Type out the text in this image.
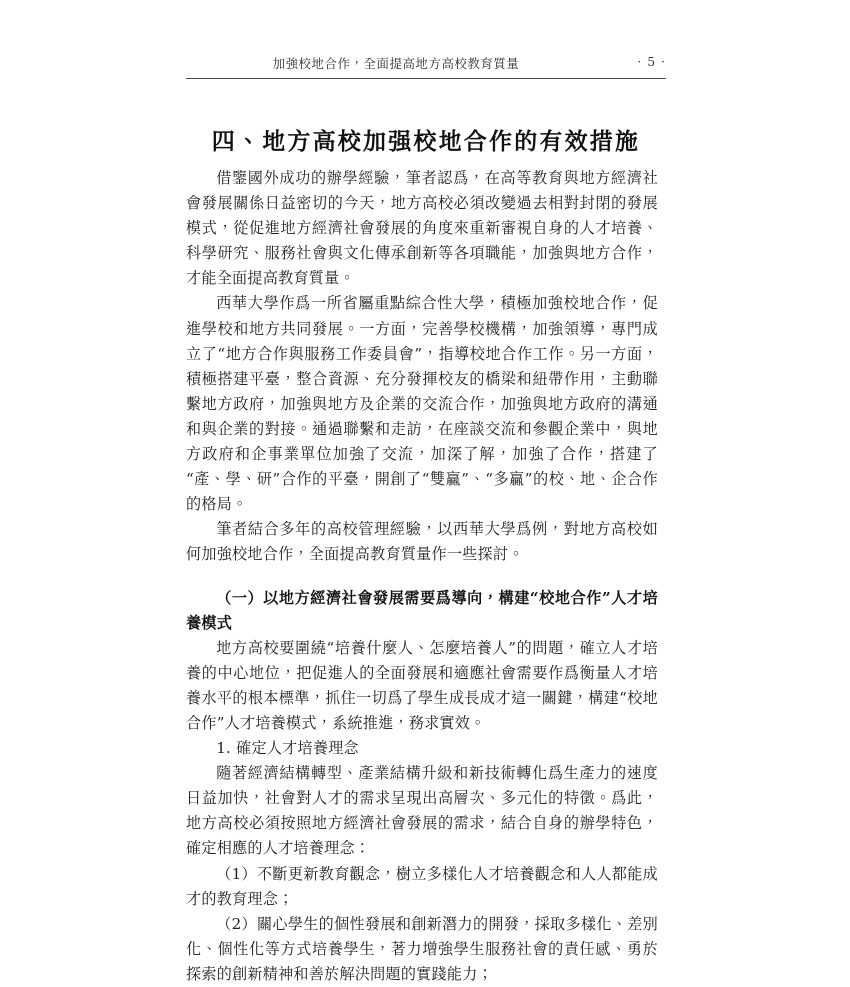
加強校地合作，全面提高地方高校教育質量	· 5 ·
四、地方高校加强校地合作的有效措施

借鑒國外成功的辦學經驗，筆者認爲，在高等教育與地方經濟社會發展關係日益密切的今天，地方高校必須改變過去相對封閉的發展模式，從促進地方經濟社會發展的角度來重新審視自身的人才培養、科學研究、服務社會與文化傳承創新等各項職能，加強與地方合作，才能全面提高教育質量。

西華大學作爲一所省屬重點綜合性大學，積極加強校地合作，促進學校和地方共同發展。一方面，完善學校機構，加強領導，專門成立了“地方合作與服務工作委員會”，指導校地合作工作。另一方面，積極搭建平臺，整合資源、充分發揮校友的橋梁和紐帶作用，主動聯繫地方政府，加強與地方及企業的交流合作，加強與地方政府的溝通和與企業的對接。通過聯繫和走訪，在座談交流和參觀企業中，與地方政府和企事業單位加強了交流，加深了解，加強了合作，搭建了“產、學、研”合作的平臺，開創了“雙贏”、“多贏”的校、地、企合作的格局。

筆者結合多年的高校管理經驗，以西華大學爲例，對地方高校如何加強校地合作，全面提高教育質量作一些探討。

（一）以地方經濟社會發展需要爲導向，構建“校地合作”人才培養模式

地方高校要圍繞“培養什麼人、怎麼培養人”的問題，確立人才培養的中心地位，把促進人的全面發展和適應社會需要作爲衡量人才培養水平的根本標準，抓住一切爲了學生成長成才這一關鍵，構建“校地合作”人才培養模式，系統推進，務求實效。

1. 確定人才培養理念

隨著經濟結構轉型、產業結構升級和新技術轉化爲生產力的速度日益加快，社會對人才的需求呈現出高層次、多元化的特徵。爲此，地方高校必須按照地方經濟社會發展的需求，結合自身的辦學特色，確定相應的人才培養理念：

（1）不斷更新教育觀念，樹立多樣化人才培養觀念和人人都能成才的教育理念；

（2）關心學生的個性發展和創新潛力的開發，採取多樣化、差別化、個性化等方式培養學生，著力增強學生服務社會的責任感、勇於探索的創新精神和善於解決問題的實踐能力；
